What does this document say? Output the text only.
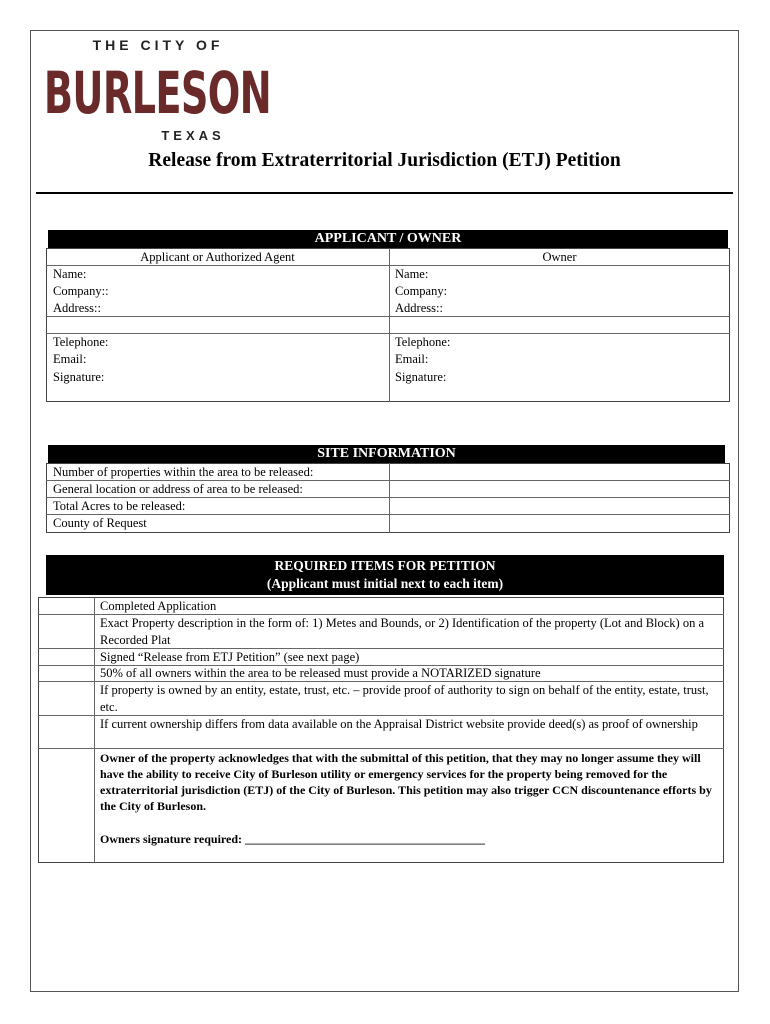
THE CITY OF
BURLESON
TEXAS
Release from Extraterritorial Jurisdiction (ETJ) Petition
APPLICANT / OWNER
Applicant or Authorized Agent
Name:
Company::
Address::
Telephone:
Email:
Signature:
Owner
Name:
Company:
Address::
Telephone:
Email:
Signature:
SITE INFORMATION
Number of properties within the area to be released:
General location or address of area to be released:
Total Acres to be released:
County of Request
REQUIRED ITEMS FOR PETITION
(Applicant must initial next to each item)
Completed Application
Exact Property description in the form of: 1) Metes and Bounds, or 2) Identification of the property (Lot and Block) on a Recorded Plat
Signed “Release from ETJ Petition” (see next page)
50% of all owners within the area to be released must provide a NOTARIZED signature
If property is owned by an entity, estate, trust, etc. – provide proof of authority to sign on behalf of the entity, estate, trust, etc.
If current ownership differs from data available on the Appraisal District website provide deed(s) as proof of ownership
Owner of the property acknowledges that with the submittal of this petition, that they may no longer assume they will have the ability to receive City of Burleson utility or emergency services for the property being removed for the extraterritorial jurisdiction (ETJ) of the City of Burleson. This petition may also trigger CCN discountenance efforts by the City of Burleson.
Owners signature required: ________________________________________
